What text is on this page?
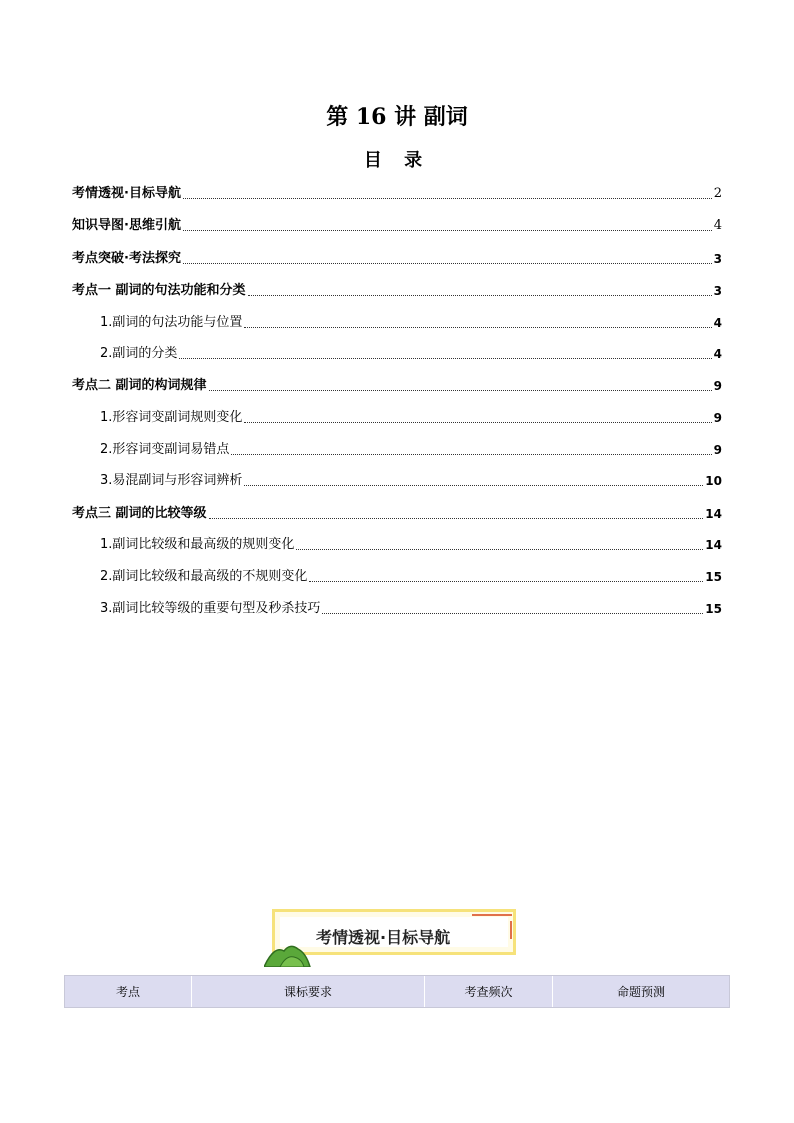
第 16 讲 副词
目 录
考情透视·目标导航	2
知识导图·思维引航	4
考点突破·考法探究	3
考点一 副词的句法功能和分类	3
1.副词的句法功能与位置	4
2.副词的分类	4
考点二 副词的构词规律	9
1.形容词变副词规则变化	9
2.形容词变副词易错点	9
3.易混副词与形容词辨析	10
考点三 副词的比较等级	14
1.副词比较级和最高级的规则变化	14
2.副词比较级和最高级的不规则变化	15
3.副词比较等级的重要句型及秒杀技巧	15
考情透视·目标导航
考点	课标要求	考查频次	命题预测
